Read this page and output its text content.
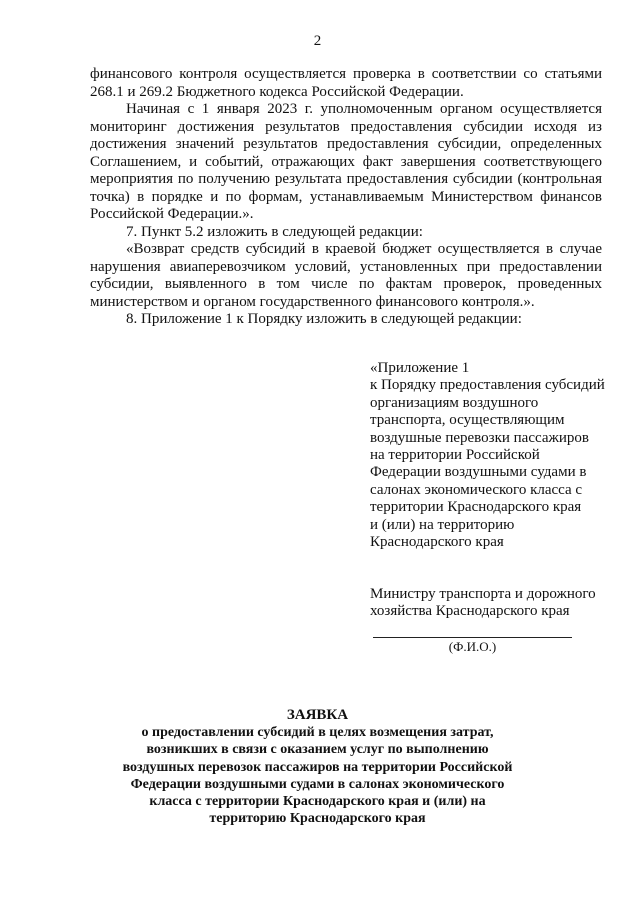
2

финансового контроля осуществляется проверка в соответствии со статьями 268.1 и 269.2 Бюджетного кодекса Российской Федерации.

Начиная с 1 января 2023 г. уполномоченным органом осуществляется мониторинг достижения результатов предоставления субсидии исходя из достижения значений результатов предоставления субсидии, определенных Соглашением, и событий, отражающих факт завершения соответствующего мероприятия по получению результата предоставления субсидии (контрольная точка) в порядке и по формам, устанавливаемым Министерством финансов Российской Федерации.».

7. Пункт 5.2 изложить в следующей редакции:

«Возврат средств субсидий в краевой бюджет осуществляется в случае нарушения авиаперевозчиком условий, установленных при предоставлении субсидии, выявленного в том числе по фактам проверок, проведенных министерством и органом государственного финансового контроля.».

8. Приложение 1 к Порядку изложить в следующей редакции:

«Приложение 1
к Порядку предоставления субсидий
организациям воздушного
транспорта, осуществляющим
воздушные перевозки пассажиров
на территории Российской
Федерации воздушными судами в
салонах экономического класса с
территории Краснодарского края
и (или) на территорию
Краснодарского края
Министру транспорта и дорожного
хозяйства Краснодарского края
(Ф.И.О.)
ЗАЯВКА
о предоставлении субсидий в целях возмещения затрат,
возникших в связи с оказанием услуг по выполнению
воздушных перевозок пассажиров на территории Российской
Федерации воздушными судами в салонах экономического
класса с территории Краснодарского края и (или) на
территорию Краснодарского края
